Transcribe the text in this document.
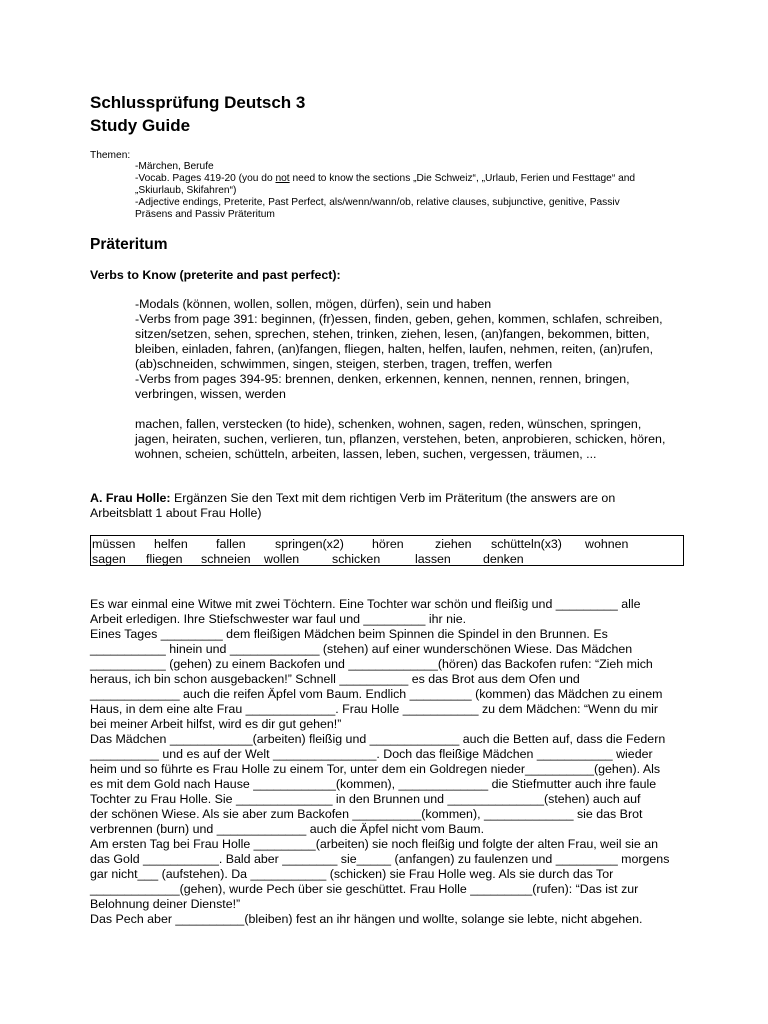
Schlussprüfung Deutsch 3
Study Guide
Themen:
-Märchen, Berufe
-Vocab. Pages 419-20 (you do not need to know the sections „Die Schweiz“, „Urlaub, Ferien und Festtage“ and
„Skiurlaub, Skifahren“)
-Adjective endings, Preterite, Past Perfect, als/wenn/wann/ob, relative clauses, subjunctive, genitive, Passiv
Präsens and Passiv Präteritum
Präteritum
Verbs to Know (preterite and past perfect):
-Modals (können, wollen, sollen, mögen, dürfen), sein und haben
-Verbs from page 391: beginnen, (fr)essen, finden, geben, gehen, kommen, schlafen, schreiben,
sitzen/setzen, sehen, sprechen, stehen, trinken, ziehen, lesen, (an)fangen, bekommen, bitten,
bleiben, einladen, fahren, (an)fangen, fliegen, halten, helfen, laufen, nehmen, reiten, (an)rufen,
(ab)schneiden, schwimmen, singen, steigen, sterben, tragen, treffen, werfen
-Verbs from pages 394-95: brennen, denken, erkennen, kennen, nennen, rennen, bringen,
verbringen, wissen, werden
machen, fallen, verstecken (to hide), schenken, wohnen, sagen, reden, wünschen, springen,
jagen, heiraten, suchen, verlieren, tun, pflanzen, verstehen, beten, anprobieren, schicken, hören,
wohnen, scheien, schütteln, arbeiten, lassen, leben, suchen, vergessen, träumen, ...
A. Frau Holle: Ergänzen Sie den Text mit dem richtigen Verb im Präteritum (the answers are on
Arbeitsblatt 1 about Frau Holle)
müssen helfen fallen springen(x2) hören	ziehen schütteln(x3) wohnen
sagen fliegen schneien wollen	schicken	lassen	denken
Es war einmal eine Witwe mit zwei Töchtern. Eine Tochter war schön und fleißig und _________ alle
Arbeit erledigen. Ihre Stiefschwester war faul und _________ ihr nie.
Eines Tages _________ dem fleißigen Mädchen beim Spinnen die Spindel in den Brunnen. Es
___________ hinein und _____________ (stehen) auf einer wunderschönen Wiese. Das Mädchen
___________ (gehen) zu einem Backofen und _____________(hören) das Backofen rufen: “Zieh mich
heraus, ich bin schon ausgebacken!” Schnell __________ es das Brot aus dem Ofen und
_____________ auch die reifen Äpfel vom Baum. Endlich _________ (kommen) das Mädchen zu einem
Haus, in dem eine alte Frau _____________. Frau Holle ___________ zu dem Mädchen: “Wenn du mir
bei meiner Arbeit hilfst, wird es dir gut gehen!”
Das Mädchen ____________(arbeiten) fleißig und _____________ auch die Betten auf, dass die Federn
__________ und es auf der Welt _______________. Doch das fleißige Mädchen ___________ wieder
heim und so führte es Frau Holle zu einem Tor, unter dem ein Goldregen nieder__________(gehen). Als
es mit dem Gold nach Hause ____________(kommen), _____________ die Stiefmutter auch ihre faule
Tochter zu Frau Holle. Sie ______________ in den Brunnen und ______________(stehen) auch auf
der schönen Wiese. Als sie aber zum Backofen __________(kommen), _____________ sie das Brot
verbrennen (burn) und _____________ auch die Äpfel nicht vom Baum.
Am ersten Tag bei Frau Holle _________(arbeiten) sie noch fleißig und folgte der alten Frau, weil sie an
das Gold ___________. Bald aber ________ sie_____ (anfangen) zu faulenzen und _________ morgens
gar nicht___ (aufstehen). Da ___________ (schicken) sie Frau Holle weg. Als sie durch das Tor
_____________(gehen), wurde Pech über sie geschüttet. Frau Holle _________(rufen): “Das ist zur
Belohnung deiner Dienste!”
Das Pech aber __________(bleiben) fest an ihr hängen und wollte, solange sie lebte, nicht abgehen.
